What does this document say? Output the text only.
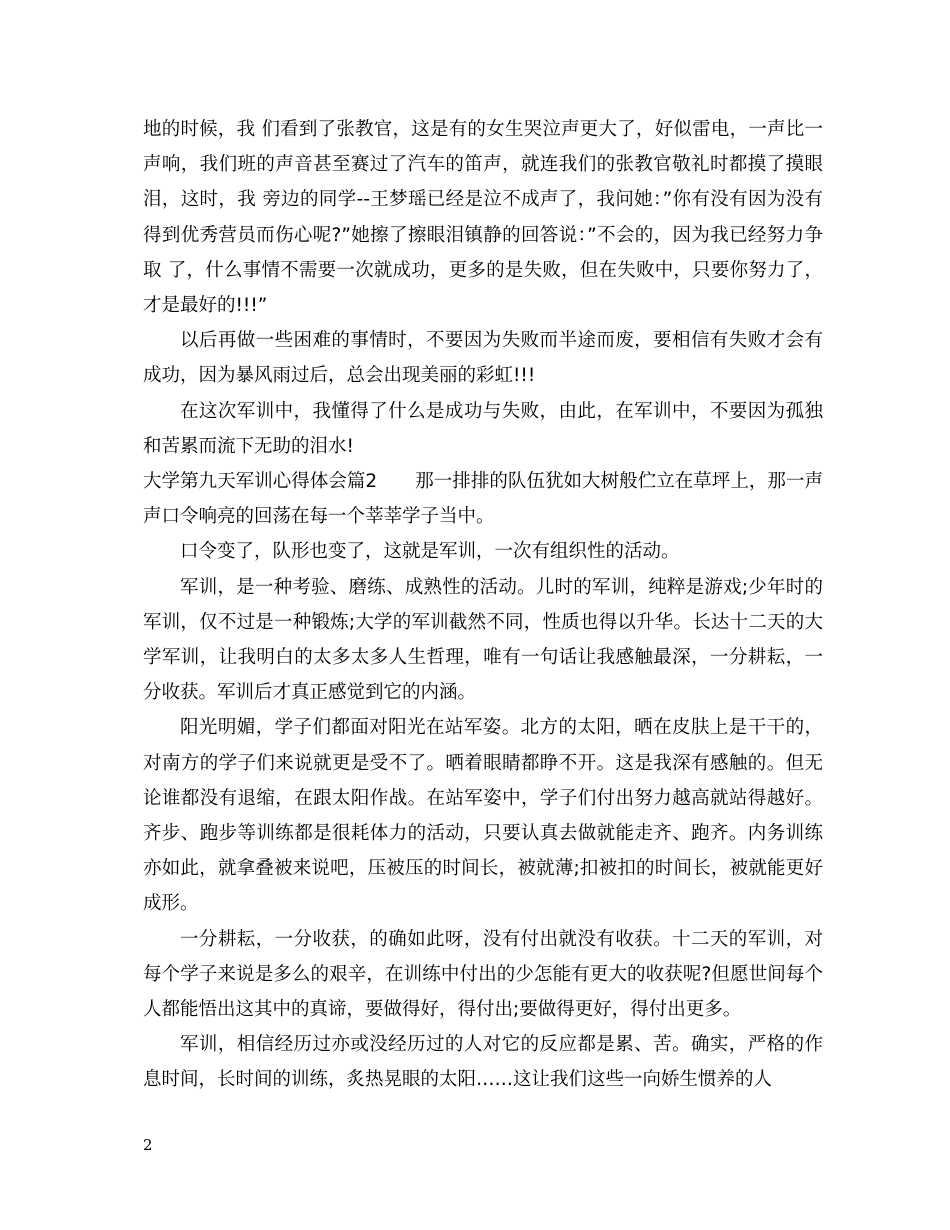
地的时候，我 们看到了张教官，这是有的女生哭泣声更大了，好似雷电，一声比一声响，我们班的声音甚至赛过了汽车的笛声，就连我们的张教官敬礼时都摸了摸眼泪，这时，我 旁边的同学--王梦瑶已经是泣不成声了，我问她：”你有没有因为没有得到优秀营员而伤心呢?”她擦了擦眼泪镇静的回答说：”不会的，因为我已经努力争取 了，什么事情不需要一次就成功，更多的是失败，但在失败中，只要你努力了，才是最好的!!!”

以后再做一些困难的事情时，不要因为失败而半途而废，要相信有失败才会有成功，因为暴风雨过后，总会出现美丽的彩虹!!!

在这次军训中，我懂得了什么是成功与失败，由此，在军训中，不要因为孤独和苦累而流下无助的泪水!

大学第九天军训心得体会篇2 那一排排的队伍犹如大树般伫立在草坪上，那一声声口令响亮的回荡在每一个莘莘学子当中。

口令变了，队形也变了，这就是军训，一次有组织性的活动。

军训，是一种考验、磨练、成熟性的活动。儿时的军训，纯粹是游戏;少年时的军训，仅不过是一种锻炼;大学的军训截然不同，性质也得以升华。长达十二天的大学军训，让我明白的太多太多人生哲理，唯有一句话让我感触最深，一分耕耘，一分收获。军训后才真正感觉到它的内涵。

阳光明媚，学子们都面对阳光在站军姿。北方的太阳，晒在皮肤上是干干的，对南方的学子们来说就更是受不了。晒着眼睛都睁不开。这是我深有感触的。但无论谁都没有退缩，在跟太阳作战。在站军姿中，学子们付出努力越高就站得越好。齐步、跑步等训练都是很耗体力的活动，只要认真去做就能走齐、跑齐。内务训练亦如此，就拿叠被来说吧，压被压的时间长，被就薄;扣被扣的时间长，被就能更好成形。

一分耕耘，一分收获，的确如此呀，没有付出就没有收获。十二天的军训，对每个学子来说是多么的艰辛，在训练中付出的少怎能有更大的收获呢?但愿世间每个人都能悟出这其中的真谛，要做得好，得付出;要做得更好，得付出更多。

军训，相信经历过亦或没经历过的人对它的反应都是累、苦。确实，严格的作息时间，长时间的训练，炙热晃眼的太阳……这让我们这些一向娇生惯养的人

2
